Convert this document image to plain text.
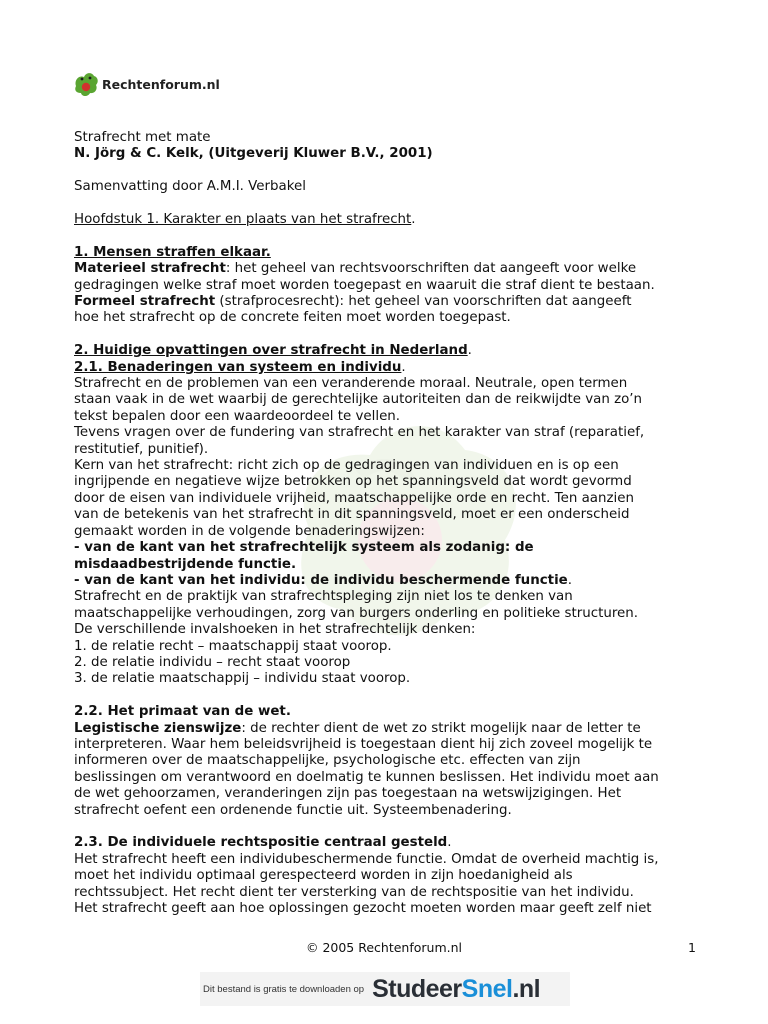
Rechtenforum.nl

Strafrecht met mate

N. Jörg & C. Kelk, (Uitgeverij Kluwer B.V., 2001)

Samenvatting door A.M.I. Verbakel

Hoofdstuk 1. Karakter en plaats van het strafrecht.

1. Mensen straffen elkaar.

Materieel strafrecht: het geheel van rechtsvoorschriften dat aangeeft voor welke

gedragingen welke straf moet worden toegepast en waaruit die straf dient te bestaan.

Formeel strafrecht (strafprocesrecht): het geheel van voorschriften dat aangeeft

hoe het strafrecht op de concrete feiten moet worden toegepast.

2. Huidige opvattingen over strafrecht in Nederland.

2.1. Benaderingen van systeem en individu.

Strafrecht en de problemen van een veranderende moraal. Neutrale, open termen

staan vaak in de wet waarbij de gerechtelijke autoriteiten dan de reikwijdte van zo’n

tekst bepalen door een waardeoordeel te vellen.

Tevens vragen over de fundering van strafrecht en het karakter van straf (reparatief,

restitutief, punitief).

Kern van het strafrecht: richt zich op de gedragingen van individuen en is op een

ingrijpende en negatieve wijze betrokken op het spanningsveld dat wordt gevormd

door de eisen van individuele vrijheid, maatschappelijke orde en recht. Ten aanzien

van de betekenis van het strafrecht in dit spanningsveld, moet er een onderscheid

gemaakt worden in de volgende benaderingswijzen:

- van de kant van het strafrechtelijk systeem als zodanig: de

misdaadbestrijdende functie.

- van de kant van het individu: de individu beschermende functie.

Strafrecht en de praktijk van strafrechtspleging zijn niet los te denken van

maatschappelijke verhoudingen, zorg van burgers onderling en politieke structuren.

De verschillende invalshoeken in het strafrechtelijk denken:

1. de relatie recht – maatschappij staat voorop.

2. de relatie individu – recht staat voorop

3. de relatie maatschappij – individu staat voorop.

2.2. Het primaat van de wet.

Legistische zienswijze: de rechter dient de wet zo strikt mogelijk naar de letter te

interpreteren. Waar hem beleidsvrijheid is toegestaan dient hij zich zoveel mogelijk te

informeren over de maatschappelijke, psychologische etc. effecten van zijn

beslissingen om verantwoord en doelmatig te kunnen beslissen. Het individu moet aan

de wet gehoorzamen, veranderingen zijn pas toegestaan na wetswijzigingen. Het

strafrecht oefent een ordenende functie uit. Systeembenadering.

2.3. De individuele rechtspositie centraal gesteld.

Het strafrecht heeft een individubeschermende functie. Omdat de overheid machtig is,

moet het individu optimaal gerespecteerd worden in zijn hoedanigheid als

rechtssubject. Het recht dient ter versterking van de rechtspositie van het individu.

Het strafrecht geeft aan hoe oplossingen gezocht moeten worden maar geeft zelf niet

© 2005 Rechtenforum.nl	1
Dit bestand is gratis te downloaden op StudeerSnel.nl
